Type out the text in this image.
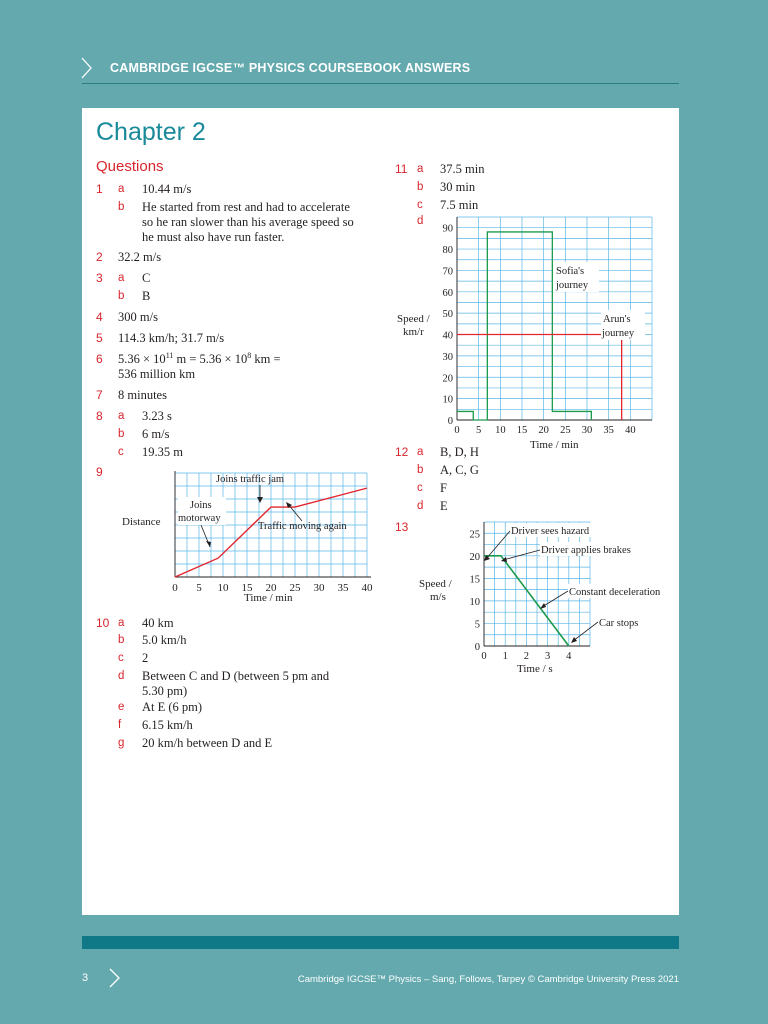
CAMBRIDGE IGCSE™ PHYSICS COURSEBOOK ANSWERS
Chapter 2
Questions
1 a 10.44 m/s
b He started from rest and had to accelerate
so he ran slower than his average speed so
he must also have run faster.
2 32.2 m/s
3 a C
b B
4 300 m/s
5 114.3 km/h; 31.7 m/s
6 $5.36 \times 10^{11}$ $m = 5.36 \times 10^8$ km =
536 million km
7 8 minutes
8 a 3.23 s
b 6 m/s
c 19.35 m
9
0 5 10 15 20 25 30 35 40
Distance
Time / min
Joins traffic jam
Traffic moving again
Joins
motorway
10 a 40 km
b 5.0 km/h
c 2
d Between C and D (between 5 pm and
5.30 pm)
e At E (6 pm)
f 6.15 km/h
g 20 km/h between D and E
11 a 37.5 min
b 30 min
c 7.5 min
d
0
10
20
30
40
50
60
70
80
90
0 5 10 15 20 25 30 35 40
Speed /
km/r
Time / min
Sofia's
journey
Arun's
journey
12 a B, D, H
b A, C, G
c F
d E
13
0
5
10
15
20
25
0 1 2 3 4
Speed /
m/s
Time / s
Driver sees hazard
Driver applies brakes
Constant deceleration
Car stops
3	Cambridge IGCSE™ Physics – Sang, Follows, Tarpey © Cambridge University Press 2021
